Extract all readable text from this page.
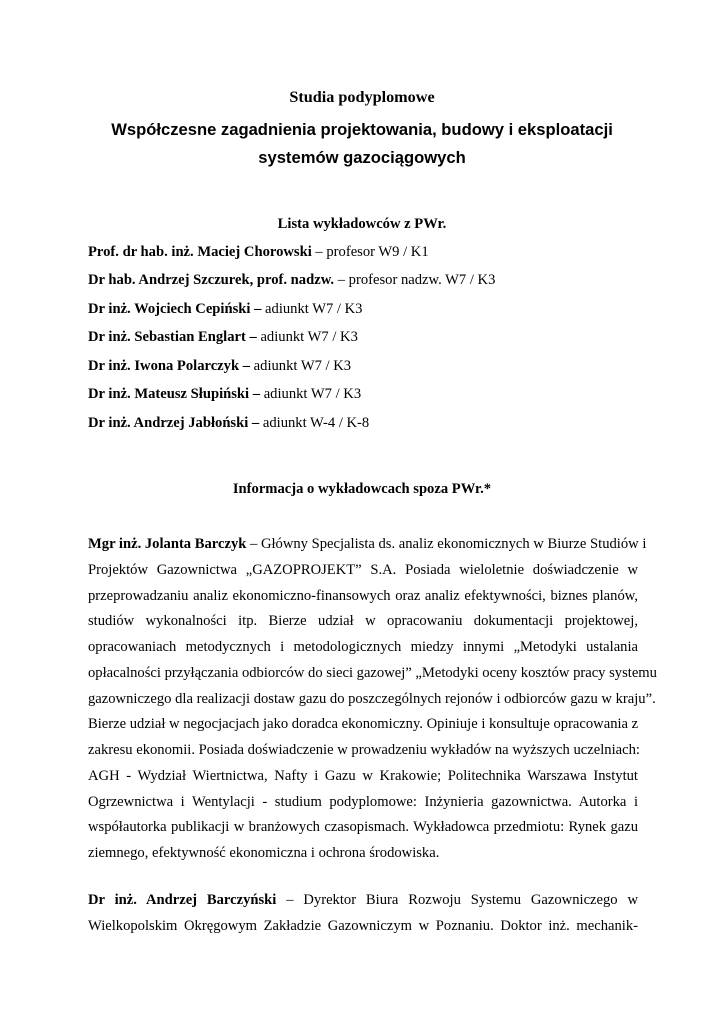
Studia podyplomowe
Współczesne zagadnienia projektowania, budowy i eksploatacji
systemów gazociągowych
Lista wykładowców z PWr.
Prof. dr hab. inż. Maciej Chorowski – profesor W9 / K1
Dr hab. Andrzej Szczurek, prof. nadzw. – profesor nadzw. W7 / K3
Dr inż. Wojciech Cepiński – adiunkt W7 / K3
Dr inż. Sebastian Englart – adiunkt W7 / K3
Dr inż. Iwona Polarczyk – adiunkt W7 / K3
Dr inż. Mateusz Słupiński – adiunkt W7 / K3
Dr inż. Andrzej Jabłoński – adiunkt W-4 / K-8
Informacja o wykładowcach spoza PWr.*
Mgr inż. Jolanta Barczyk – Główny Specjalista ds. analiz ekonomicznych w Biurze Studiów i
Projektów Gazownictwa „GAZOPROJEKT” S.A. Posiada wieloletnie doświadczenie w
przeprowadzaniu analiz ekonomiczno-finansowych oraz analiz efektywności, biznes planów,
studiów wykonalności itp. Bierze udział w opracowaniu dokumentacji projektowej,
opracowaniach metodycznych i metodologicznych miedzy innymi „Metodyki ustalania
opłacalności przyłączania odbiorców do sieci gazowej” „Metodyki oceny kosztów pracy systemu
gazowniczego dla realizacji dostaw gazu do poszczególnych rejonów i odbiorców gazu w kraju”.
Bierze udział w negocjacjach jako doradca ekonomiczny. Opiniuje i konsultuje opracowania z
zakresu ekonomii. Posiada doświadczenie w prowadzeniu wykładów na wyższych uczelniach:
AGH - Wydział Wiertnictwa, Nafty i Gazu w Krakowie; Politechnika Warszawa Instytut
Ogrzewnictwa i Wentylacji - studium podyplomowe: Inżynieria gazownictwa. Autorka i
współautorka publikacji w branżowych czasopismach. Wykładowca przedmiotu: Rynek gazu
ziemnego, efektywność ekonomiczna i ochrona środowiska.
Dr inż. Andrzej Barczyński – Dyrektor Biura Rozwoju Systemu Gazowniczego w
Wielkopolskim Okręgowym Zakładzie Gazowniczym w Poznaniu. Doktor inż. mechanik-
